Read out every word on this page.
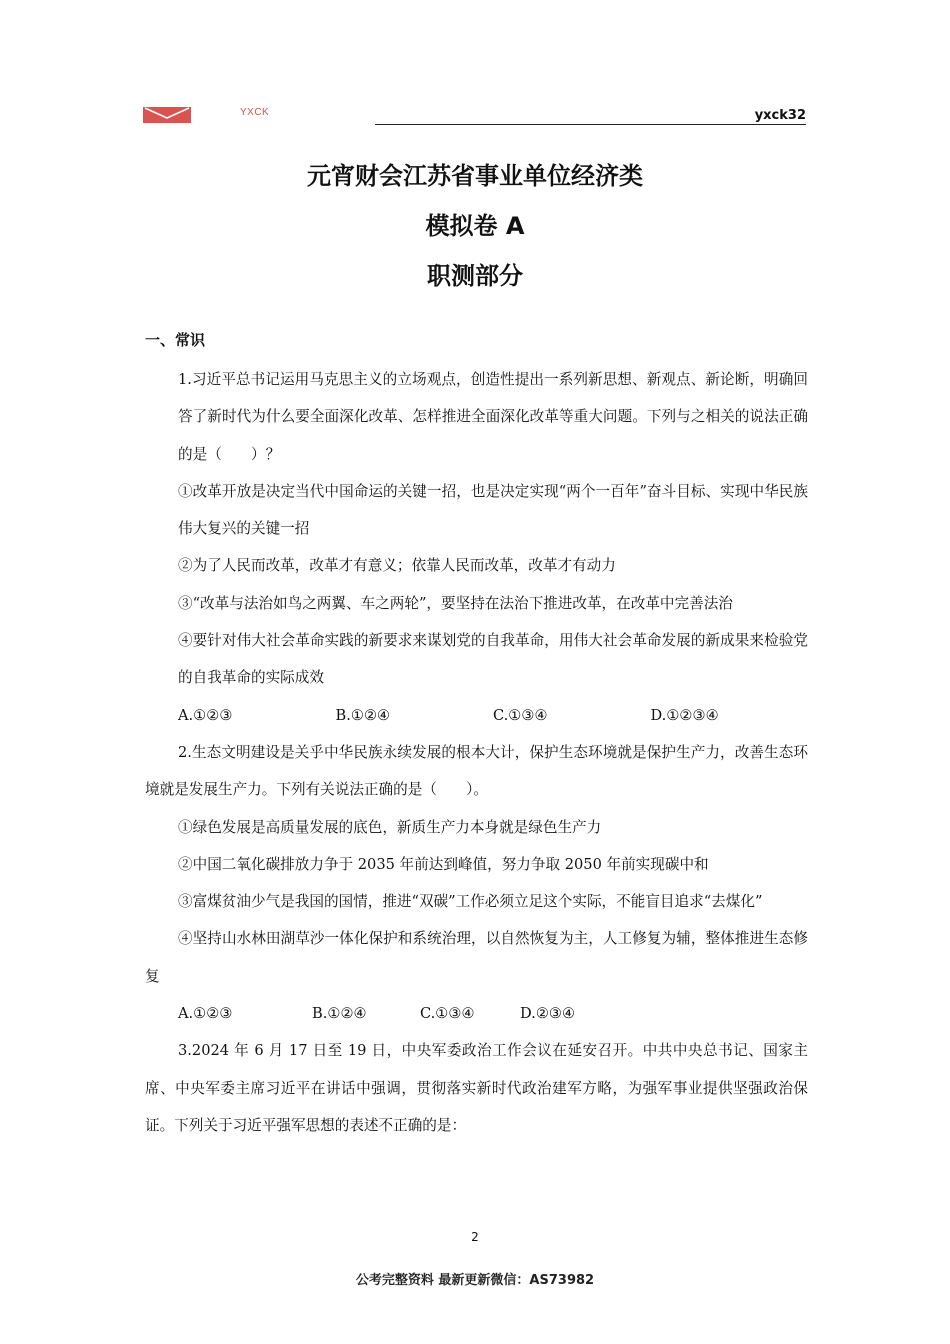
YXCK	yxck32
元宵财会江苏省事业单位经济类
模拟卷 A
职测部分
一、常识

1.习近平总书记运用马克思主义的立场观点，创造性提出一系列新思想、新观点、新论断，明确回答了新时代为什么要全面深化改革、怎样推进全面深化改革等重大问题。下列与之相关的说法正确的是（　　）？

①改革开放是决定当代中国命运的关键一招，也是决定实现“两个一百年”奋斗目标、实现中华民族伟大复兴的关键一招

②为了人民而改革，改革才有意义；依靠人民而改革，改革才有动力

③“改革与法治如鸟之两翼、车之两轮”，要坚持在法治下推进改革，在改革中完善法治

④要针对伟大社会革命实践的新要求来谋划党的自我革命，用伟大社会革命发展的新成果来检验党的自我革命的实际成效

A.①②③	B.①②④	C.①③④	D.①②③④

2.生态文明建设是关乎中华民族永续发展的根本大计，保护生态环境就是保护生产力，改善生态环境就是发展生产力。下列有关说法正确的是（　　）。

①绿色发展是高质量发展的底色，新质生产力本身就是绿色生产力

②中国二氧化碳排放力争于 2035 年前达到峰值，努力争取 2050 年前实现碳中和

③富煤贫油少气是我国的国情，推进“双碳”工作必须立足这个实际，不能盲目追求“去煤化”

④坚持山水林田湖草沙一体化保护和系统治理，以自然恢复为主，人工修复为辅，整体推进生态修复

A.①②③	B.①②④	C.①③④	D.②③④

3.2024 年 6 月 17 日至 19 日，中央军委政治工作会议在延安召开。中共中央总书记、国家主席、中央军委主席习近平在讲话中强调，贯彻落实新时代政治建军方略，为强军事业提供坚强政治保证。下列关于习近平强军思想的表述不正确的是：

2
公考完整资料 最新更新微信：AS73982
